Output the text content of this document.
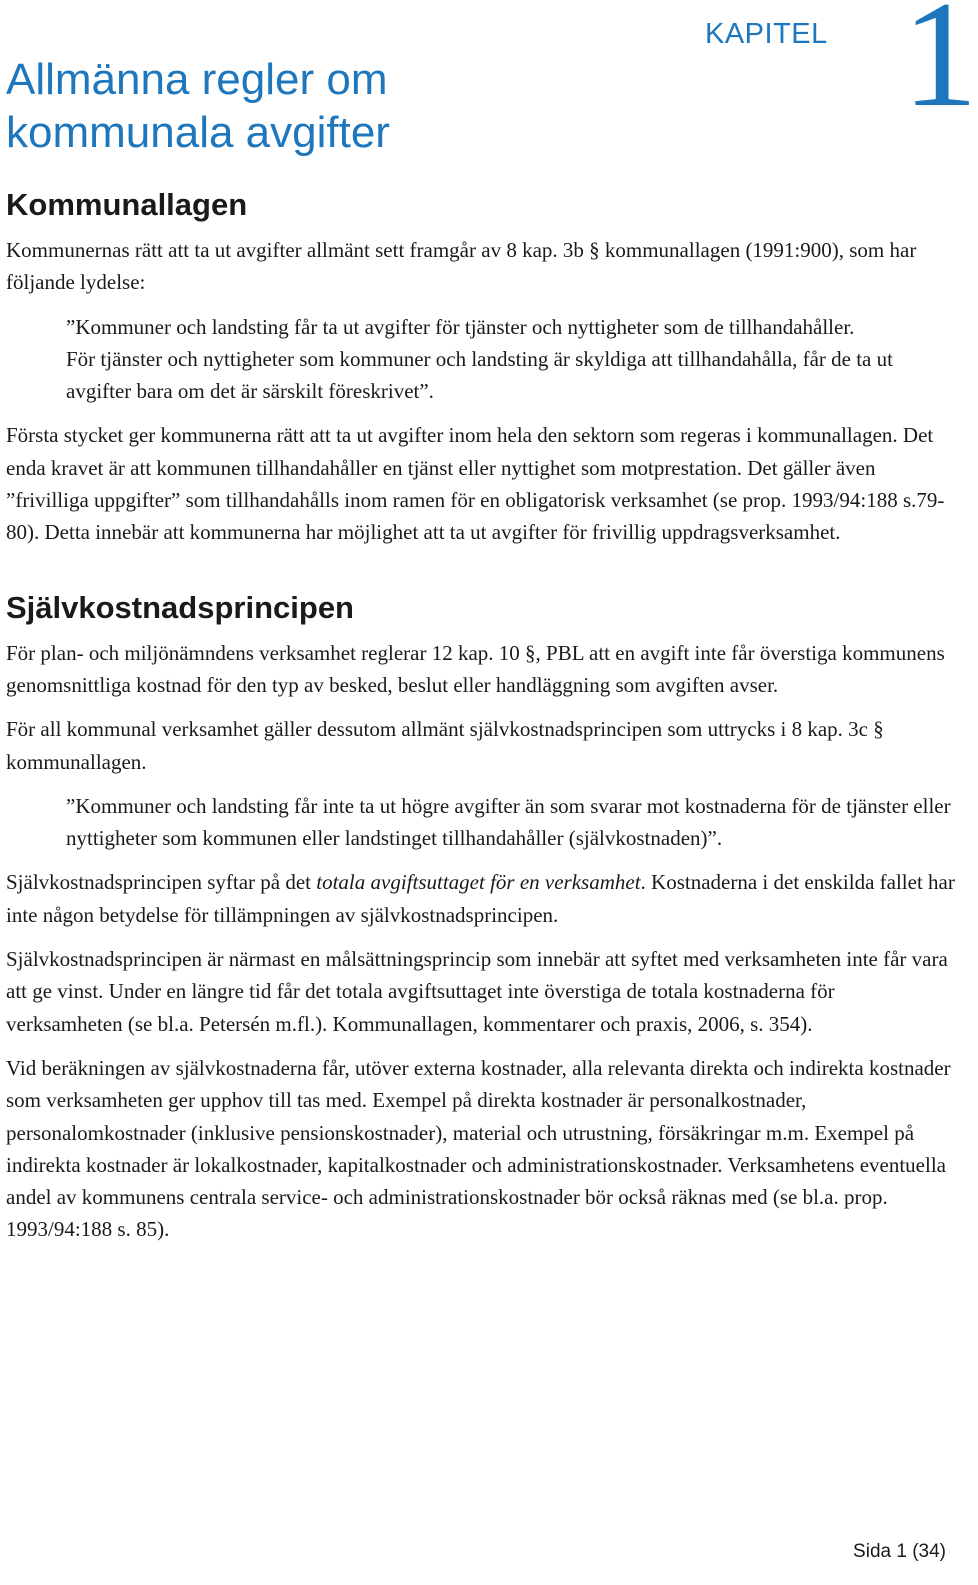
KAPITEL 1
Allmänna regler om kommunala avgifter
Kommunallagen

Kommunernas rätt att ta ut avgifter allmänt sett framgår av 8 kap. 3b § kommunallagen (1991:900), som har följande lydelse:

”Kommuner och landsting får ta ut avgifter för tjänster och nyttigheter som de tillhandahåller.

För tjänster och nyttigheter som kommuner och landsting är skyldiga att tillhandahålla, får de ta ut avgifter bara om det är särskilt föreskrivet”.

Första stycket ger kommunerna rätt att ta ut avgifter inom hela den sektorn som regeras i kommunallagen. Det enda kravet är att kommunen tillhandahåller en tjänst eller nyttighet som motprestation. Det gäller även ”frivilliga uppgifter” som tillhandahålls inom ramen för en obligatorisk verksamhet (se prop. 1993/94:188 s.79-80). Detta innebär att kommunerna har möjlighet att ta ut avgifter för frivillig uppdragsverksamhet.

Självkostnadsprincipen

För plan- och miljönämndens verksamhet reglerar 12 kap. 10 §, PBL att en avgift inte får överstiga kommunens genomsnittliga kostnad för den typ av besked, beslut eller handläggning som avgiften avser.

För all kommunal verksamhet gäller dessutom allmänt självkostnadsprincipen som uttrycks i 8 kap. 3c § kommunallagen.

”Kommuner och landsting får inte ta ut högre avgifter än som svarar mot kostnaderna för de tjänster eller nyttigheter som kommunen eller landstinget tillhandahåller (självkostnaden)”.

Självkostnadsprincipen syftar på det totala avgiftsuttaget för en verksamhet. Kostnaderna i det enskilda fallet har inte någon betydelse för tillämpningen av självkostnadsprincipen.

Självkostnadsprincipen är närmast en målsättningsprincip som innebär att syftet med verksamheten inte får vara att ge vinst. Under en längre tid får det totala avgiftsuttaget inte överstiga de totala kostnaderna för verksamheten (se bl.a. Petersén m.fl.). Kommunallagen, kommentarer och praxis, 2006, s. 354).

Vid beräkningen av självkostnaderna får, utöver externa kostnader, alla relevanta direkta och indirekta kostnader som verksamheten ger upphov till tas med. Exempel på direkta kostnader är personalkostnader, personalomkostnader (inklusive pensionskostnader), material och utrustning, försäkringar m.m. Exempel på indirekta kostnader är lokalkostnader, kapitalkostnader och administrationskostnader. Verksamhetens eventuella andel av kommunens centrala service- och administrationskostnader bör också räknas med (se bl.a. prop. 1993/94:188 s. 85).

Sida 1 (34)
